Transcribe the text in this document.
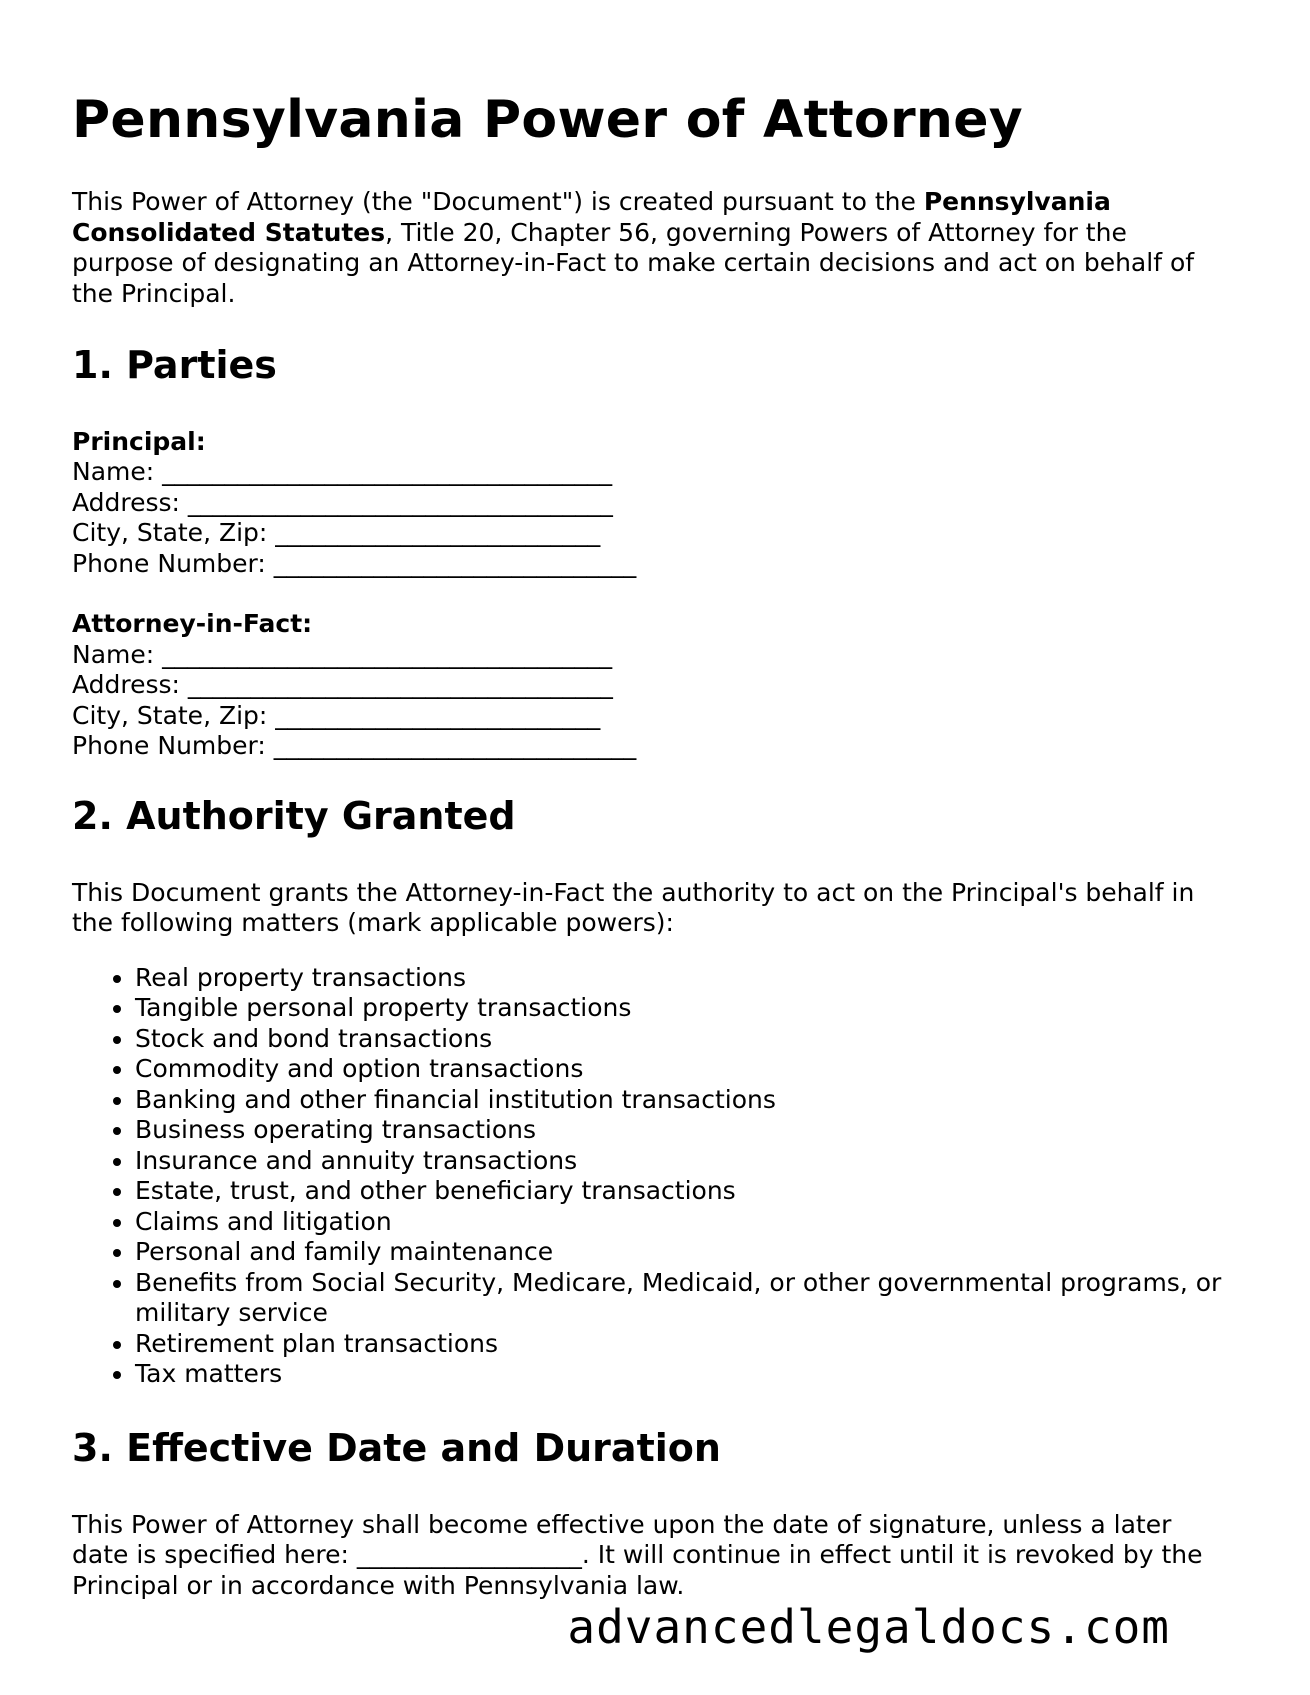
Pennsylvania Power of Attorney

This Power of Attorney (the "Document") is created pursuant to the Pennsylvania Consolidated Statutes, Title 20, Chapter 56, governing Powers of Attorney for the purpose of designating an Attorney-in-Fact to make certain decisions and act on behalf of the Principal.

1. Parties
Principal:
Name: ____________________________________
Address: __________________________________
City, State, Zip: __________________________
Phone Number: _____________________________
Attorney-in-Fact:
Name: ____________________________________
Address: __________________________________
City, State, Zip: __________________________
Phone Number: _____________________________
2. Authority Granted

This Document grants the Attorney-in-Fact the authority to act on the Principal's behalf in the following matters (mark applicable powers):

• Real property transactions
• Tangible personal property transactions
• Stock and bond transactions
• Commodity and option transactions
• Banking and other financial institution transactions
• Business operating transactions
• Insurance and annuity transactions
• Estate, trust, and other beneficiary transactions
• Claims and litigation
• Personal and family maintenance
• Benefits from Social Security, Medicare, Medicaid, or other governmental programs, or military service
• Retirement plan transactions
• Tax matters
3. Effective Date and Duration

This Power of Attorney shall become effective upon the date of signature, unless a later date is specified here: __________________. It will continue in effect until it is revoked by the Principal or in accordance with Pennsylvania law.

advancedlegaldocs.com
